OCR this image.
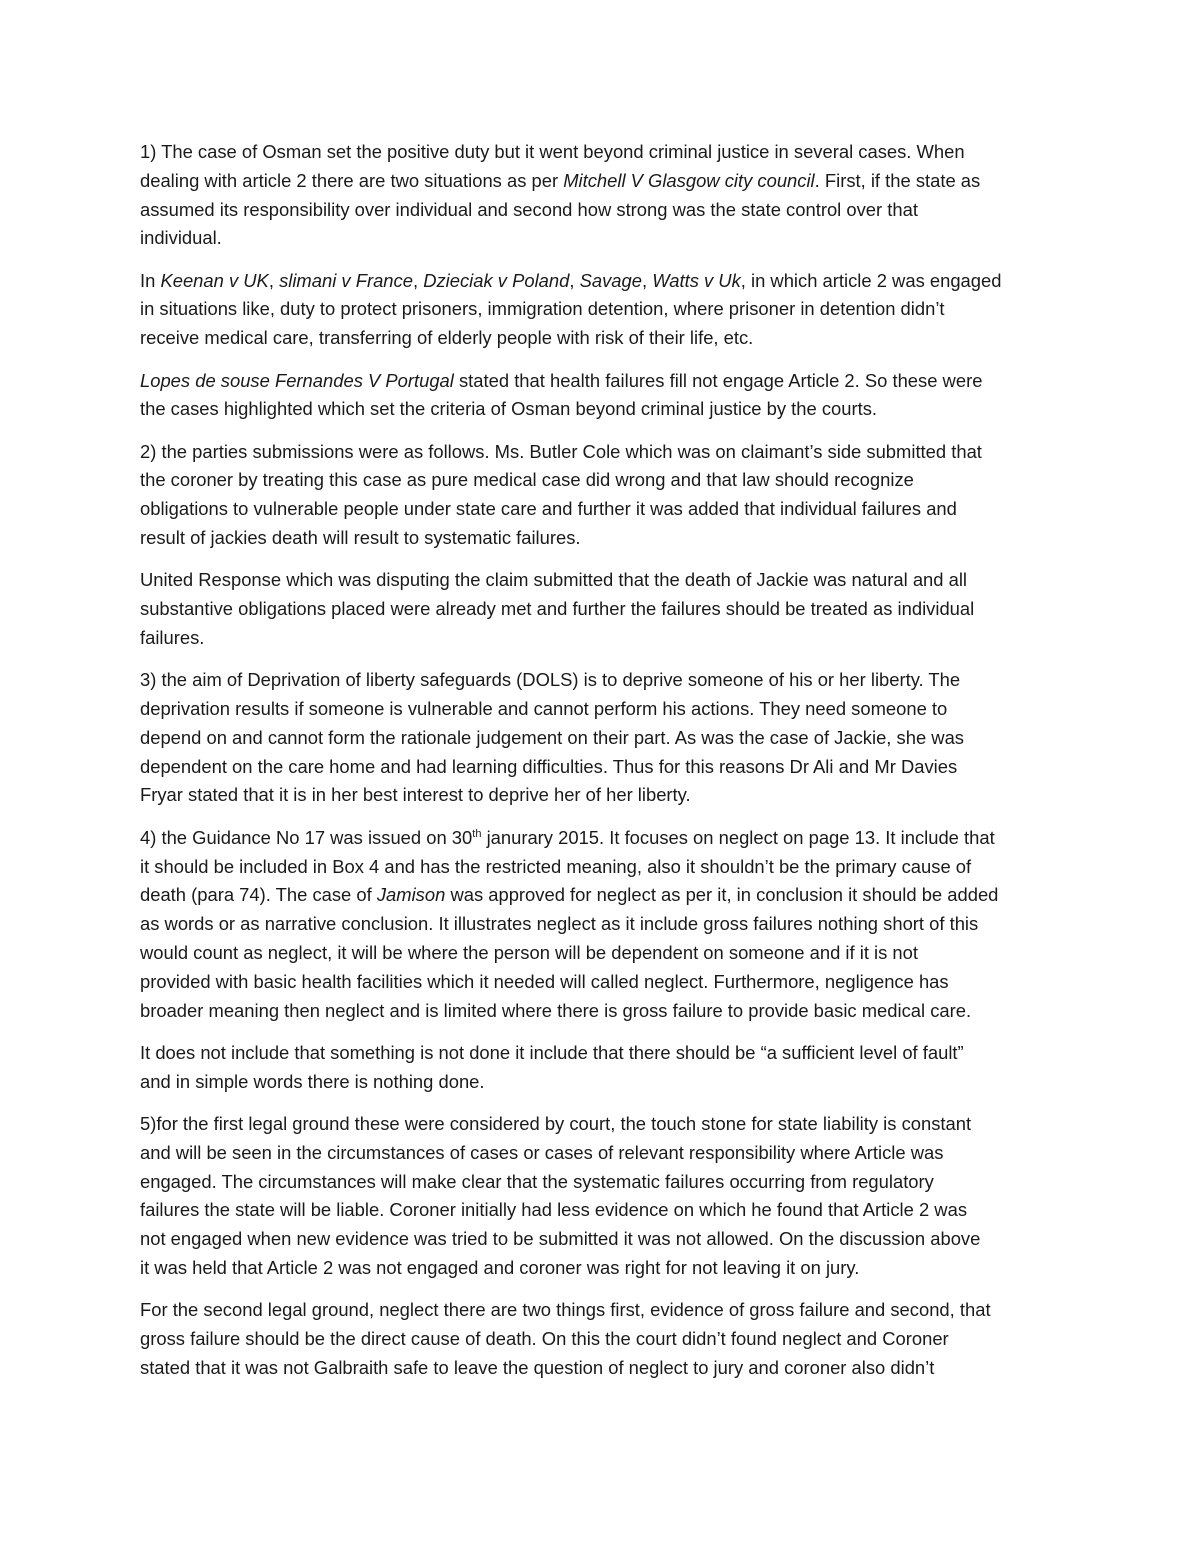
1) The case of Osman set the positive duty but it went beyond criminal justice in several cases. When
dealing with article 2 there are two situations as per Mitchell V Glasgow city council. First, if the state as
assumed its responsibility over individual and second how strong was the state control over that
individual.

In Keenan v UK, slimani v France, Dzieciak v Poland, Savage, Watts v Uk, in which article 2 was engaged
in situations like, duty to protect prisoners, immigration detention, where prisoner in detention didn’t
receive medical care, transferring of elderly people with risk of their life, etc.

Lopes de souse Fernandes V Portugal stated that health failures fill not engage Article 2. So these were
the cases highlighted which set the criteria of Osman beyond criminal justice by the courts.

2) the parties submissions were as follows. Ms. Butler Cole which was on claimant’s side submitted that
the coroner by treating this case as pure medical case did wrong and that law should recognize
obligations to vulnerable people under state care and further it was added that individual failures and
result of jackies death will result to systematic failures.

United Response which was disputing the claim submitted that the death of Jackie was natural and all
substantive obligations placed were already met and further the failures should be treated as individual
failures.

3) the aim of Deprivation of liberty safeguards (DOLS) is to deprive someone of his or her liberty. The
deprivation results if someone is vulnerable and cannot perform his actions. They need someone to
depend on and cannot form the rationale judgement on their part. As was the case of Jackie, she was
dependent on the care home and had learning difficulties. Thus for this reasons Dr Ali and Mr Davies
Fryar stated that it is in her best interest to deprive her of her liberty.

4) the Guidance No 17 was issued on 30th janurary 2015. It focuses on neglect on page 13. It include that
it should be included in Box 4 and has the restricted meaning, also it shouldn’t be the primary cause of
death (para 74). The case of Jamison was approved for neglect as per it, in conclusion it should be added
as words or as narrative conclusion. It illustrates neglect as it include gross failures nothing short of this
would count as neglect, it will be where the person will be dependent on someone and if it is not
provided with basic health facilities which it needed will called neglect. Furthermore, negligence has
broader meaning then neglect and is limited where there is gross failure to provide basic medical care.

It does not include that something is not done it include that there should be “a sufficient level of fault”
and in simple words there is nothing done.

5)for the first legal ground these were considered by court, the touch stone for state liability is constant
and will be seen in the circumstances of cases or cases of relevant responsibility where Article was
engaged. The circumstances will make clear that the systematic failures occurring from regulatory
failures the state will be liable. Coroner initially had less evidence on which he found that Article 2 was
not engaged when new evidence was tried to be submitted it was not allowed. On the discussion above
it was held that Article 2 was not engaged and coroner was right for not leaving it on jury.

For the second legal ground, neglect there are two things first, evidence of gross failure and second, that
gross failure should be the direct cause of death. On this the court didn’t found neglect and Coroner
stated that it was not Galbraith safe to leave the question of neglect to jury and coroner also didn’t
